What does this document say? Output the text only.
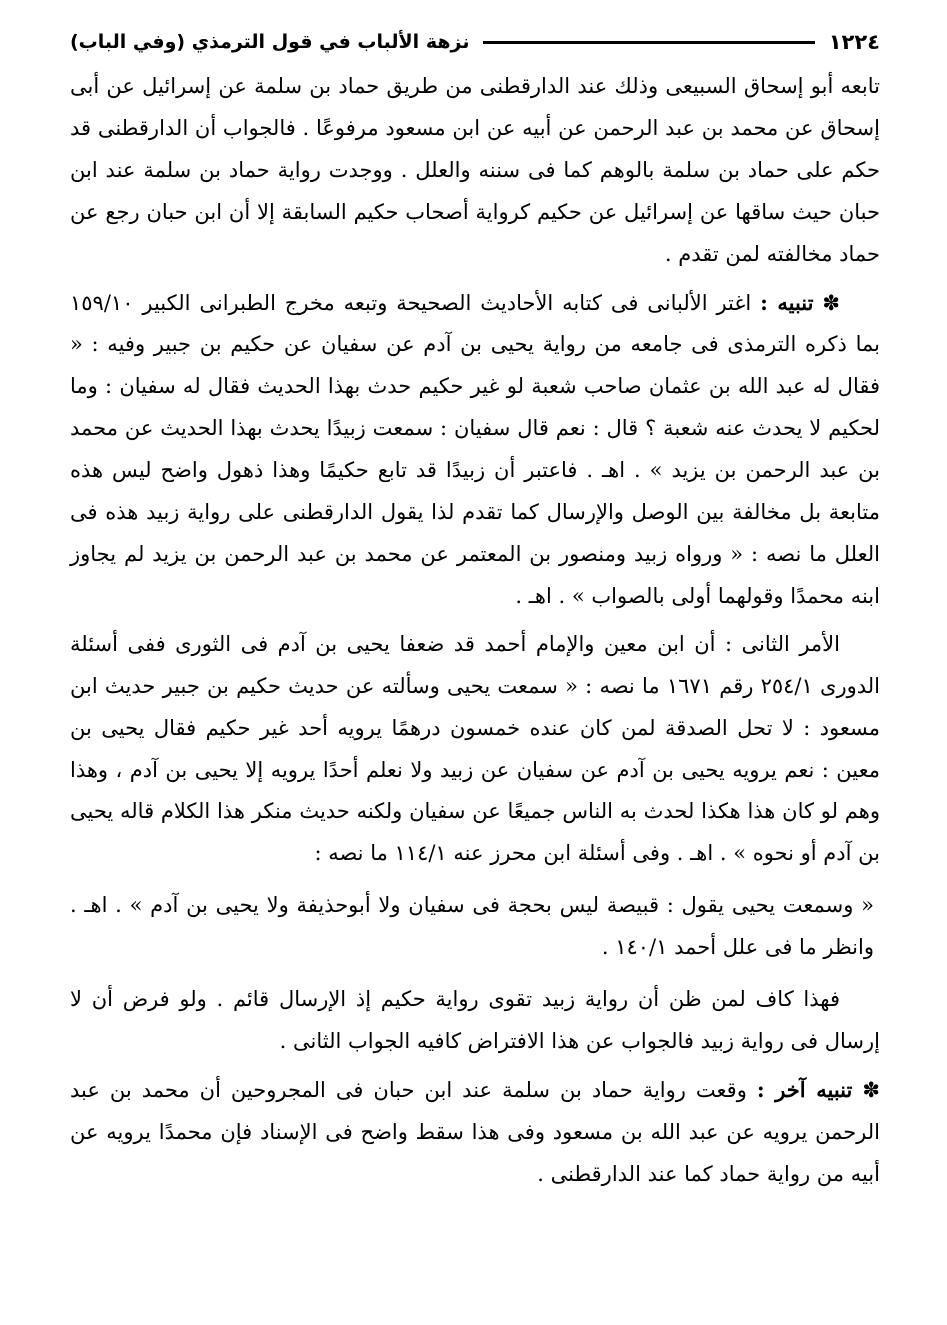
١٢٢٤
نزهة الألباب في قول الترمذي (وفي الباب)

تابعه أبو إسحاق السبيعى وذلك عند الدارقطنى من طريق حماد بن سلمة عن إسرائيل عن أبى إسحاق عن محمد بن عبد الرحمن عن أبيه عن ابن مسعود مرفوعًا . فالجواب أن الدارقطنى قد حكم على حماد بن سلمة بالوهم كما فى سننه والعلل . ووجدت رواية حماد بن سلمة عند ابن حبان حيث ساقها عن إسرائيل عن حكيم كرواية أصحاب حكيم السابقة إلا أن ابن حبان رجع عن حماد مخالفته لمن تقدم .

✽ تنبيه : اغتر الألبانى فى كتابه الأحاديث الصحيحة وتبعه مخرج الطبرانى الكبير ١٥٩/١٠ بما ذكره الترمذى فى جامعه من رواية يحيى بن آدم عن سفيان عن حكيم بن جبير وفيه : « فقال له عبد الله بن عثمان صاحب شعبة لو غير حكيم حدث بهذا الحديث فقال له سفيان : وما لحكيم لا يحدث عنه شعبة ؟ قال : نعم قال سفيان : سمعت زبيدًا يحدث بهذا الحديث عن محمد بن عبد الرحمن بن يزيد » . اهـ . فاعتبر أن زبيدًا قد تابع حكيمًا وهذا ذهول واضح ليس هذه متابعة بل مخالفة بين الوصل والإرسال كما تقدم لذا يقول الدارقطنى على رواية زبيد هذه فى العلل ما نصه : « ورواه زبيد ومنصور بن المعتمر عن محمد بن عبد الرحمن بن يزيد لم يجاوز ابنه محمدًا وقولهما أولى بالصواب » . اهـ .

الأمر الثانى : أن ابن معين والإمام أحمد قد ضعفا يحيى بن آدم فى الثورى ففى أسئلة الدورى ٢٥٤/١ رقم ١٦٧١ ما نصه : « سمعت يحيى وسألته عن حديث حكيم بن جبير حديث ابن مسعود : لا تحل الصدقة لمن كان عنده خمسون درهمًا يرويه أحد غير حكيم فقال يحيى بن معين : نعم يرويه يحيى بن آدم عن سفيان عن زبيد ولا نعلم أحدًا يرويه إلا يحيى بن آدم ، وهذا وهم لو كان هذا هكذا لحدث به الناس جميعًا عن سفيان ولكنه حديث منكر هذا الكلام قاله يحيى بن آدم أو نحوه » . اهـ . وفى أسئلة ابن محرز عنه ١١٤/١ ما نصه :

« وسمعت يحيى يقول : قبيصة ليس بحجة فى سفيان ولا أبوحذيفة ولا يحيى بن آدم » . اهـ . وانظر ما فى علل أحمد ١٤٠/١ .

فهذا كاف لمن ظن أن رواية زبيد تقوى رواية حكيم إذ الإرسال قائم . ولو فرض أن لا إرسال فى رواية زبيد فالجواب عن هذا الافتراض كافيه الجواب الثانى .

✽ تنبيه آخر : وقعت رواية حماد بن سلمة عند ابن حبان فى المجروحين أن محمد بن عبد الرحمن يرويه عن عبد الله بن مسعود وفى هذا سقط واضح فى الإسناد فإن محمدًا يرويه عن أبيه من رواية حماد كما عند الدارقطنى .
